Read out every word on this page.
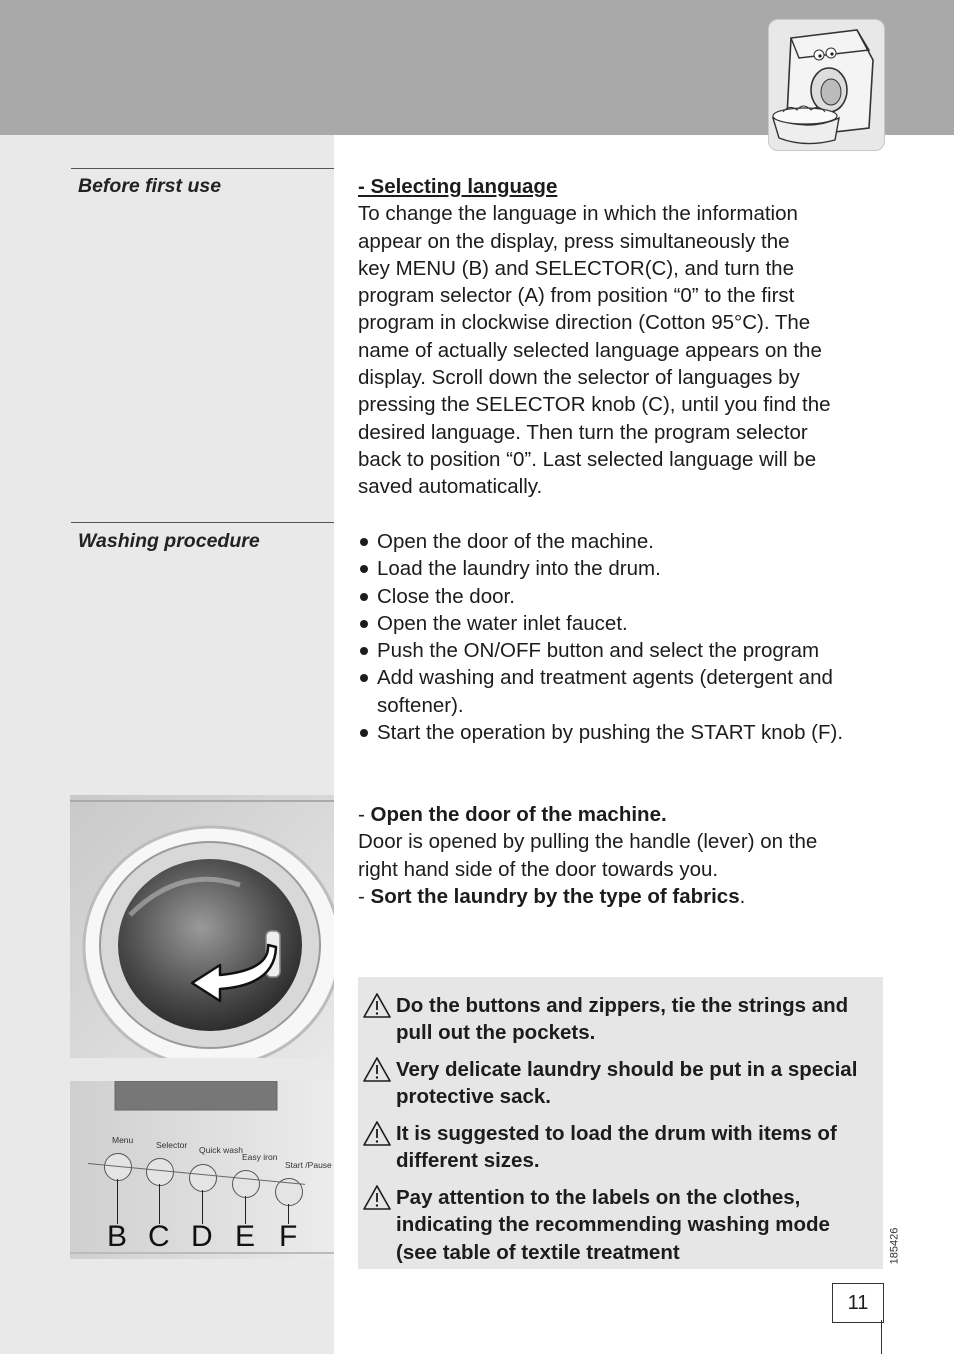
Before first use	- Selecting language
To change the language in which the information
appear on the display, press simultaneously the
key MENU (B) and SELECTOR(C), and turn the
program selector (A) from position “0” to the first
program in clockwise direction (Cotton 95°C). The
name of actually selected language appears on the
display. Scroll down the selector of languages by
pressing the SELECTOR knob (C), until you find the
desired language. Then turn the program selector
back to position “0”. Last selected language will be
saved automatically.
Washing procedure	Open the door of the machine.
Load the laundry into the drum.
Close the door.
Open the water inlet faucet.
Push the ON/OFF button and select the program
Add washing and treatment agents (detergent and softener).
Start the operation by pushing the START knob (F).
- Open the door of the machine.
Door is opened by pulling the handle (lever) on the
right hand side of the door towards you.
- Sort the laundry by the type of fabrics.
Menu
B
Selector
C
Quick wash
D
Easy iron
E
Start /Pause
F
Do the buttons and zippers, tie the strings and pull out the pockets.
Very delicate laundry should be put in a special protective sack.
It is suggested to load the drum with items of different sizes.
Pay attention to the labels on the clothes, indicating the recommending washing mode (see table of textile treatment	185426
11
